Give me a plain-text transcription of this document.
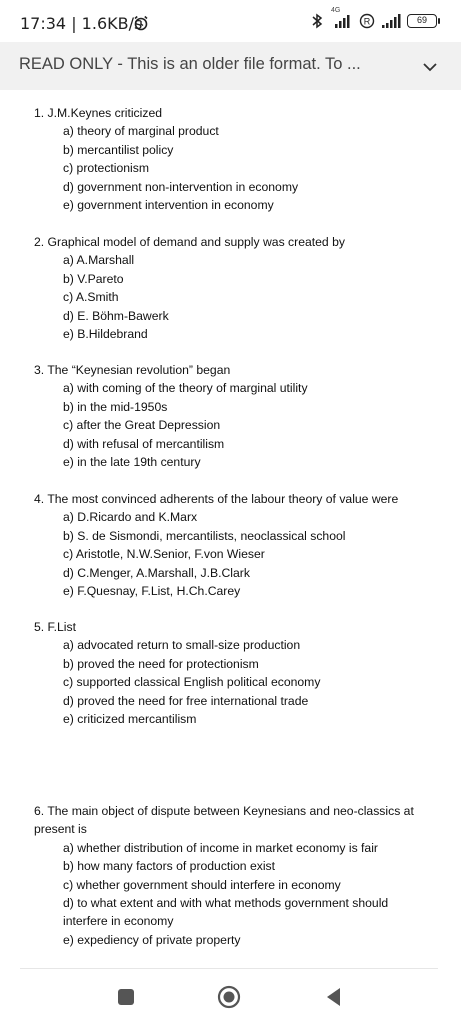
17:34 | 1.6KB/s
4G
R	69
READ ONLY - This is an older file format. To ...
1. J.M.Keynes criticized
a) theory of marginal product
b) mercantilist policy
c) protectionism
d) government non-intervention in economy
e) government intervention in economy
2. Graphical model of demand and supply was created by
a) A.Marshall
b) V.Pareto
c) A.Smith
d) E. Böhm-Bawerk
e) B.Hildebrand
3. The “Keynesian revolution” began
a) with coming of the theory of marginal utility
b) in the mid-1950s
c) after the Great Depression
d) with refusal of mercantilism
e) in the late 19th century
4. The most convinced adherents of the labour theory of value were
a) D.Ricardo and K.Marx
b) S. de Sismondi, mercantilists, neoclassical school
c) Aristotle, N.W.Senior, F.von Wieser
d) C.Menger, A.Marshall, J.B.Clark
e) F.Quesnay, F.List, H.Ch.Carey
5. F.List
a) advocated return to small-size production
b) proved the need for protectionism
c) supported classical English political economy
d) proved the need for free international trade
e) criticized mercantilism
6. The main object of dispute between Keynesians and neo-classics at present is
a) whether distribution of income in market economy is fair
b) how many factors of production exist
c) whether government should interfere in economy
d) to what extent and with what methods government should interfere in economy
e) expediency of private property
